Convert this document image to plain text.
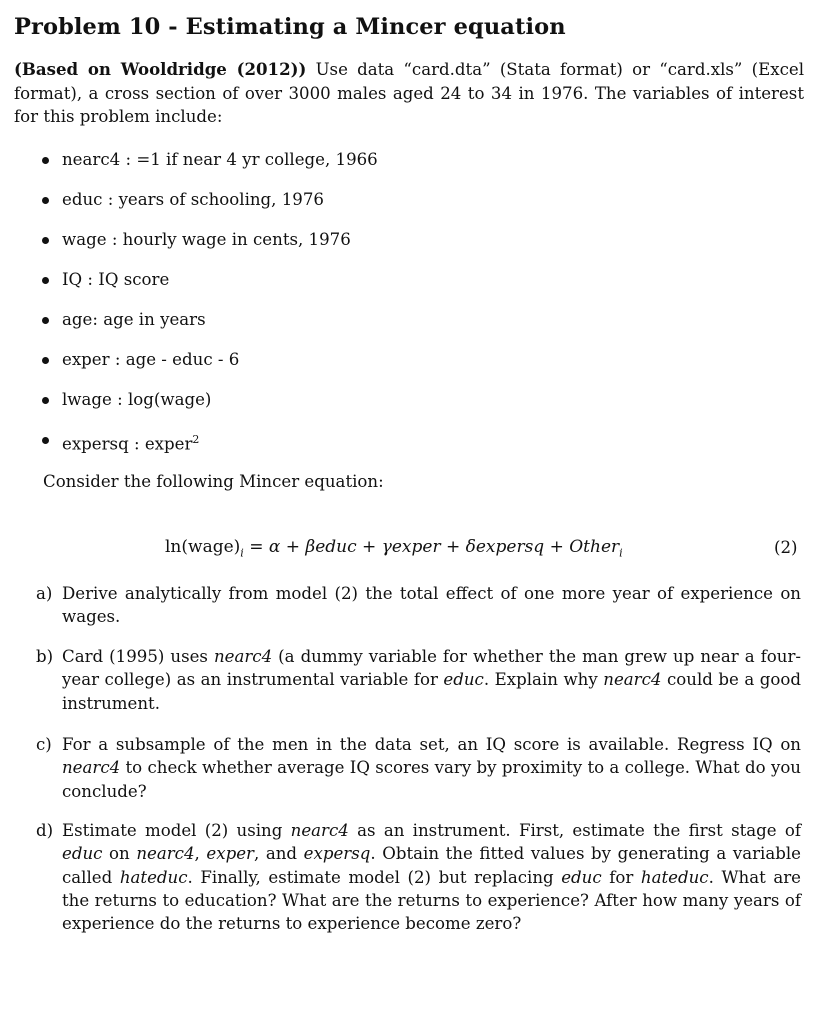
Problem 10 - Estimating a Mincer equation

(Based on Wooldridge (2012)) Use data “card.dta” (Stata format) or “card.xls” (Excel format), a cross section of over 3000 males aged 24 to 34 in 1976. The variables of interest for this problem include:

nearc4 : =1 if near 4 yr college, 1966
educ : years of schooling, 1976
wage : hourly wage in cents, 1976
IQ : IQ score
age: age in years
exper : age - educ - 6
lwage : log(wage)
expersq : exper$^2$

Consider the following Mincer equation:

$\ln(wage)_i = \alpha$ + βeduc + γexper + δexpersq + Other$_i$	(2)
a) Derive analytically from model (2) the total effect of one more year of experience on wages.
b) Card (1995) uses nearc4 (a dummy variable for whether the man grew up near a four-year college) as an instrumental variable for educ. Explain why nearc4 could be a good instrument.
c) For a subsample of the men in the data set, an IQ score is available. Regress IQ on nearc4 to check whether average IQ scores vary by proximity to a college. What do you conclude?
d) Estimate model (2) using nearc4 as an instrument. First, estimate the first stage of educ on nearc4, exper, and expersq. Obtain the fitted values by generating a variable called hateduc. Finally, estimate model (2) but replacing educ for hateduc. What are the returns to education? What are the returns to experience? After how many years of experience do the returns to experience become zero?
